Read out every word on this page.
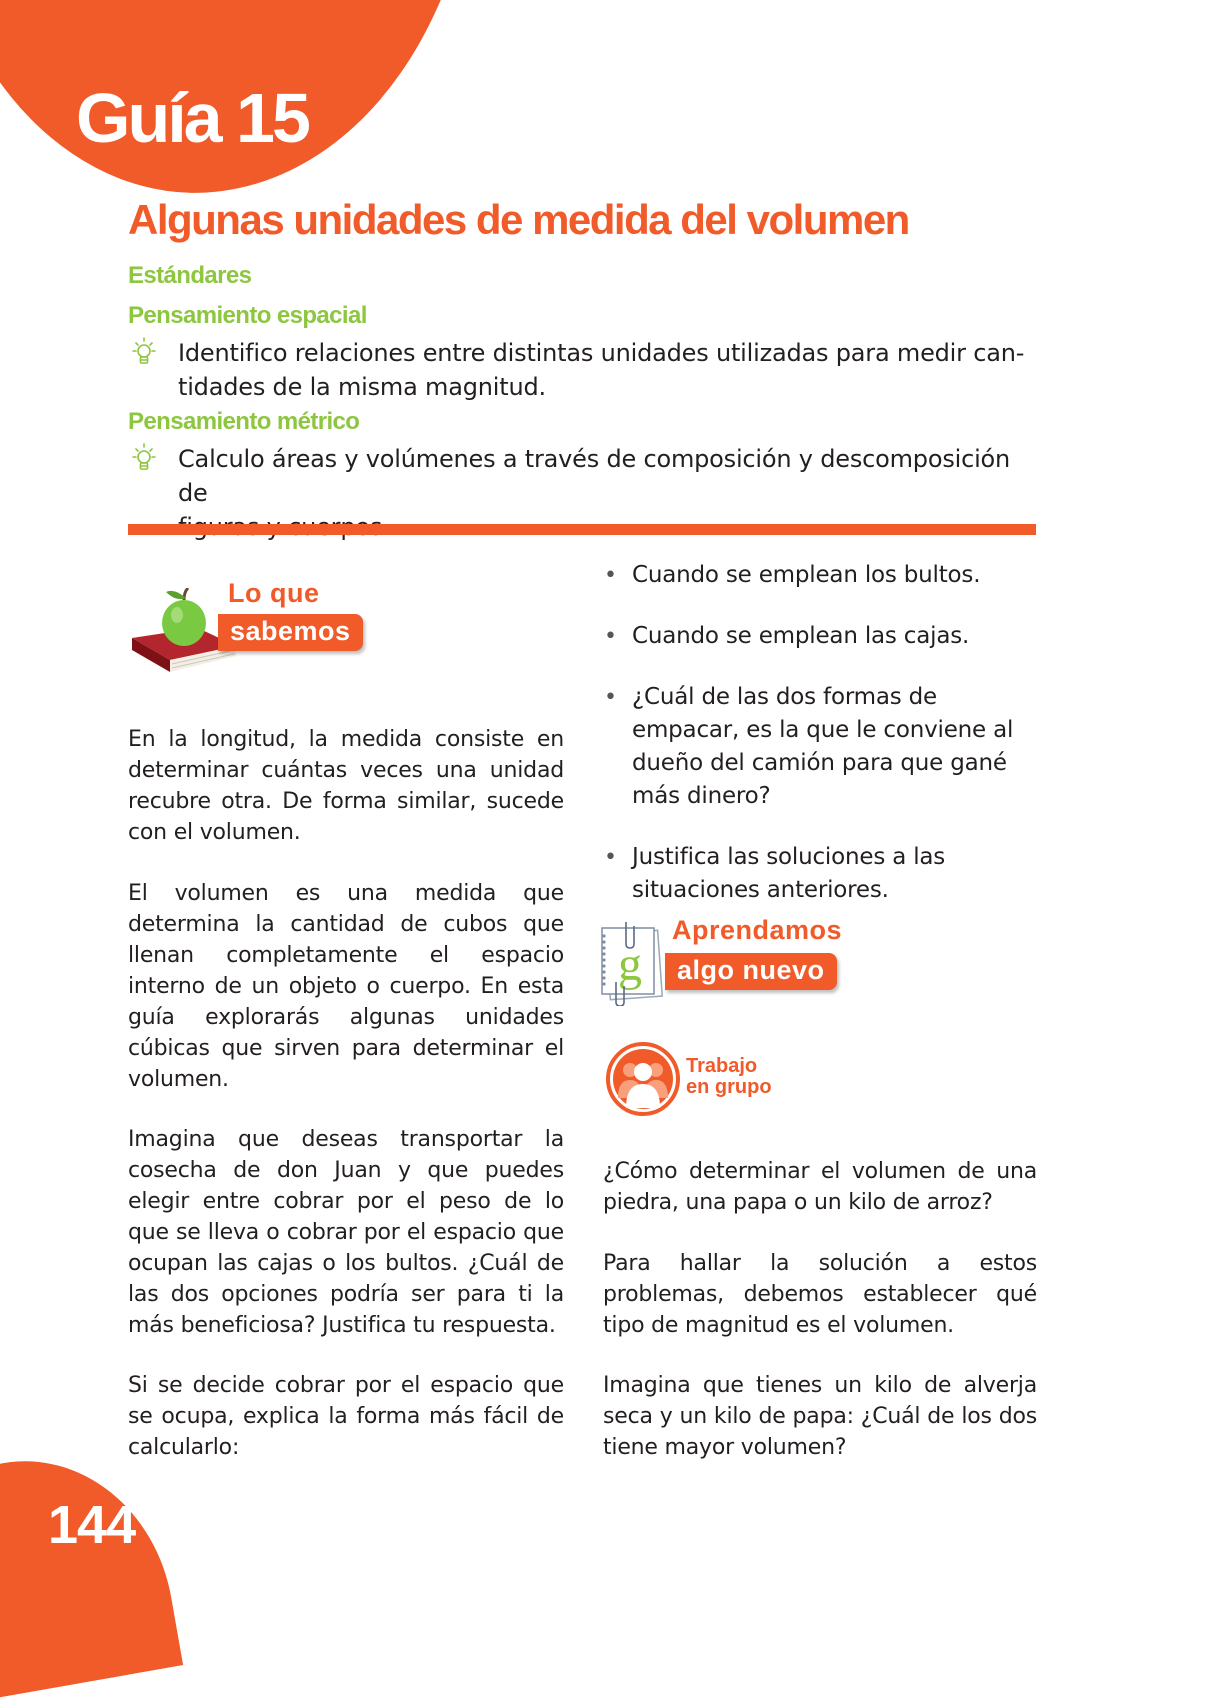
Guía 15
Algunas unidades de medida del volumen
Estándares
Pensamiento espacial

Identifico relaciones entre distintas unidades utilizadas para medir can-
tidades de la misma magnitud.

Pensamiento métrico

Calculo áreas y volúmenes a través de composición y descomposición de

Lo que
sabemos

En la longitud, la medida consiste en determinar cuántas veces una unidad recubre otra. De forma similar, sucede con el volumen.

El volumen es una medida que determina la cantidad de cubos que llenan completamente el espacio interno de un objeto o cuerpo. En esta guía explorarás algunas unidades cúbicas que sirven para determinar el volumen.

Imagina que deseas transportar la cosecha de don Juan y que puedes elegir entre cobrar por el peso de lo que se lleva o cobrar por el espacio que ocupan las cajas o los bultos. ¿Cuál de las dos opciones podría ser para ti la más beneficiosa? Justifica tu respuesta.

Si se decide cobrar por el espacio que se ocupa, explica la forma más fácil de calcularlo:

• Cuando se emplean los bultos.
• Cuando se emplean las cajas.
• ¿Cuál de las dos formas de empacar, es la que le conviene al dueño del camión para que gané más dinero?
• Justifica las soluciones a las situaciones anteriores.
g
Aprendamos
algo nuevo
Trabajo
en grupo

¿Cómo determinar el volumen de una piedra, una papa o un kilo de arroz?

Para hallar la solución a estos problemas, debemos establecer qué tipo de magnitud es el volumen.

Imagina que tienes un kilo de alverja seca y un kilo de papa: ¿Cuál de los dos tiene mayor volumen?

144
